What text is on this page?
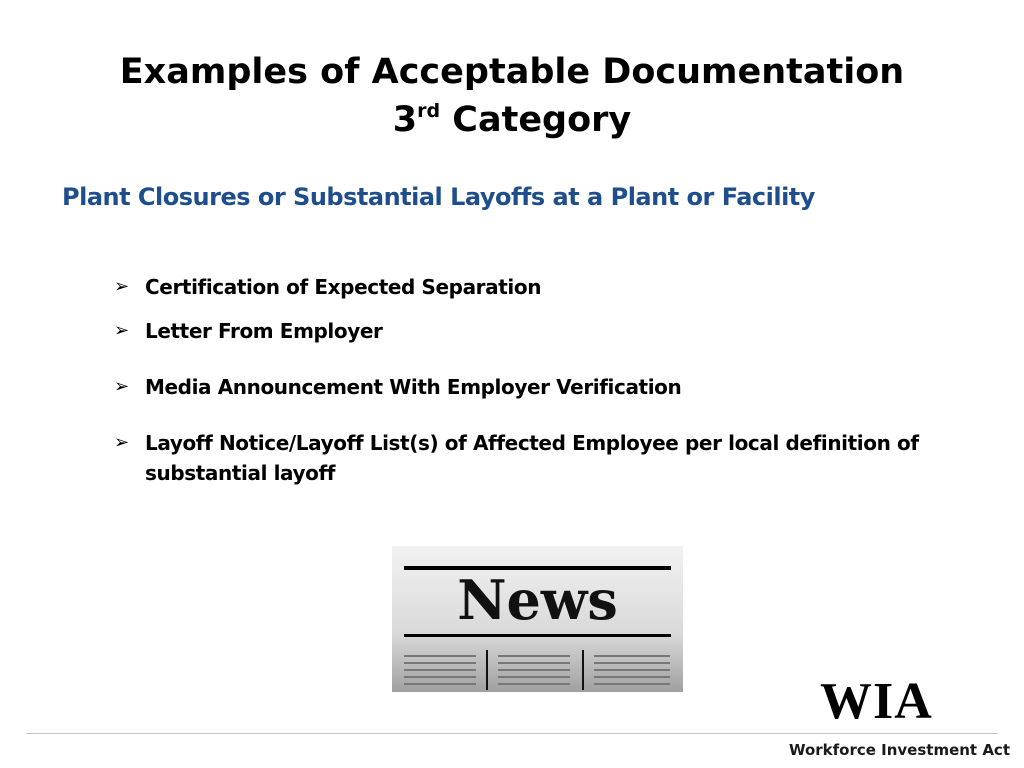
Examples of Acceptable Documentation
3rd Category
Plant Closures or Substantial Layoffs at a Plant or Facility
➢ Certification of Expected Separation
➢ Letter From Employer
➢ Media Announcement With Employer Verification
➢ Layoff Notice/Layoff List(s) of Affected Employee per local definition of substantial layoff
News
WIA
Workforce Investment Act
